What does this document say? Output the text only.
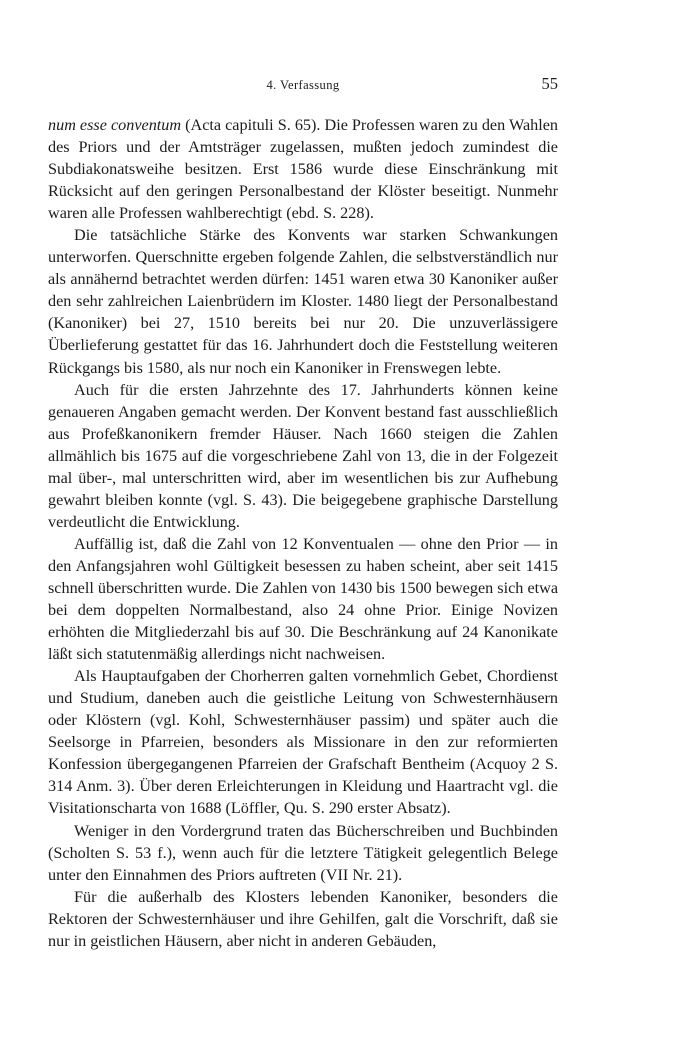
4. Verfassung	55

num esse conventum (Acta capituli S. 65). Die Professen waren zu den Wahlen des Priors und der Amtsträger zugelassen, mußten jedoch zumindest die Subdiakonatsweihe besitzen. Erst 1586 wurde diese Einschränkung mit Rücksicht auf den geringen Personalbestand der Klöster beseitigt. Nunmehr waren alle Professen wahlberechtigt (ebd. S. 228).

Die tatsächliche Stärke des Konvents war starken Schwankungen unterworfen. Querschnitte ergeben folgende Zahlen, die selbstverständlich nur als annähernd betrachtet werden dürfen: 1451 waren etwa 30 Kanoniker außer den sehr zahlreichen Laienbrüdern im Kloster. 1480 liegt der Personalbestand (Kanoniker) bei 27, 1510 bereits bei nur 20. Die unzuverlässigere Überlieferung gestattet für das 16. Jahrhundert doch die Feststellung weiteren Rückgangs bis 1580, als nur noch ein Kanoniker in Frenswegen lebte.

Auch für die ersten Jahrzehnte des 17. Jahrhunderts können keine genaueren Angaben gemacht werden. Der Konvent bestand fast ausschließlich aus Profeßkanonikern fremder Häuser. Nach 1660 steigen die Zahlen allmählich bis 1675 auf die vorgeschriebene Zahl von 13, die in der Folgezeit mal über-, mal unterschritten wird, aber im wesentlichen bis zur Aufhebung gewahrt bleiben konnte (vgl. S. 43). Die beigegebene graphische Darstellung verdeutlicht die Entwicklung.

Auffällig ist, daß die Zahl von 12 Konventualen — ohne den Prior — in den Anfangsjahren wohl Gültigkeit besessen zu haben scheint, aber seit 1415 schnell überschritten wurde. Die Zahlen von 1430 bis 1500 bewegen sich etwa bei dem doppelten Normalbestand, also 24 ohne Prior. Einige Novizen erhöhten die Mitgliederzahl bis auf 30. Die Beschränkung auf 24 Kanonikate läßt sich statutenmäßig allerdings nicht nachweisen.

Als Hauptaufgaben der Chorherren galten vornehmlich Gebet, Chordienst und Studium, daneben auch die geistliche Leitung von Schwesternhäusern oder Klöstern (vgl. Kohl, Schwesternhäuser passim) und später auch die Seelsorge in Pfarreien, besonders als Missionare in den zur reformierten Konfession übergegangenen Pfarreien der Grafschaft Bentheim (Acquoy 2 S. 314 Anm. 3). Über deren Erleichterungen in Kleidung und Haartracht vgl. die Visitationscharta von 1688 (Löffler, Qu. S. 290 erster Absatz).

Weniger in den Vordergrund traten das Bücherschreiben und Buchbinden (Scholten S. 53 f.), wenn auch für die letztere Tätigkeit gelegentlich Belege unter den Einnahmen des Priors auftreten (VII Nr. 21).

Für die außerhalb des Klosters lebenden Kanoniker, besonders die Rektoren der Schwesternhäuser und ihre Gehilfen, galt die Vorschrift, daß sie nur in geistlichen Häusern, aber nicht in anderen Gebäuden,
